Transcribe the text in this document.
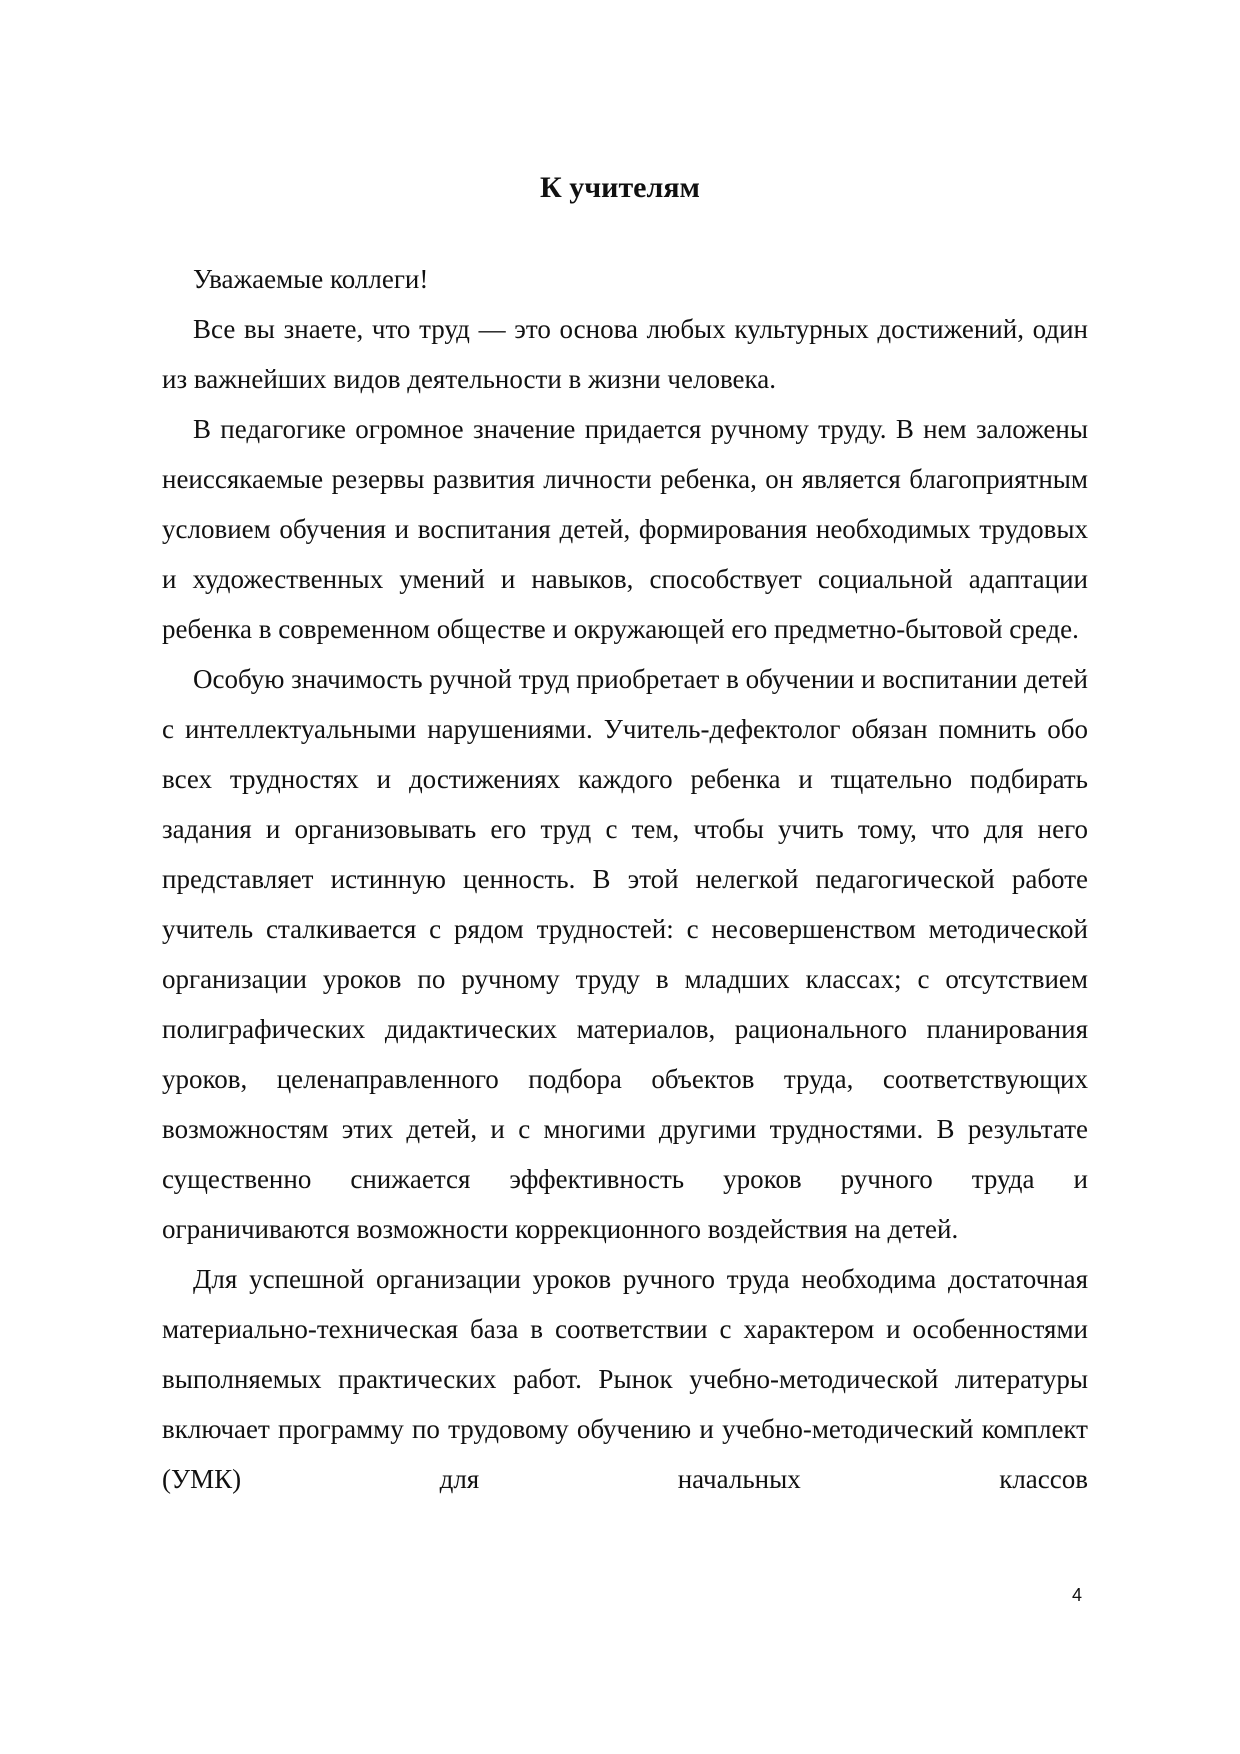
К учителям

Уважаемые коллеги!

Все вы знаете, что труд — это основа любых культурных достижений, один из важнейших видов деятельности в жизни человека.

В педагогике огромное значение придается ручному труду. В нем заложены неиссякаемые резервы развития личности ребенка, он является благоприятным условием обучения и воспитания детей, формирования необходимых трудовых и художественных умений и навыков, способствует социальной адаптации ребенка в современном обществе и окружающей его предметно-бытовой среде.

Особую значимость ручной труд приобретает в обучении и воспитании детей с интеллектуальными нарушениями. Учитель-дефектолог обязан помнить обо всех трудностях и достижениях каждого ребенка и тщательно подбирать задания и организовывать его труд с тем, чтобы учить тому, что для него представляет истинную ценность. В этой нелегкой педагогической работе учитель сталкивается с рядом трудностей: с несовершенством методической организации уроков по ручному труду в младших классах; с отсутствием полиграфических дидактических материалов, рационального планирования уроков, целенаправленного подбора объектов труда, соответствующих возможностям этих детей, и с многими другими трудностями. В результате существенно снижается эффективность уроков ручного труда и ограничиваются возможности коррекционного воздействия на детей.

Для успешной организации уроков ручного труда необходима достаточная материально-техническая база в соответствии с характером и особенностями выполняемых практических работ. Рынок учебно-методической литературы включает программу по трудовому обучению и учебно-методический комплект (УМК) для начальных классов

4
